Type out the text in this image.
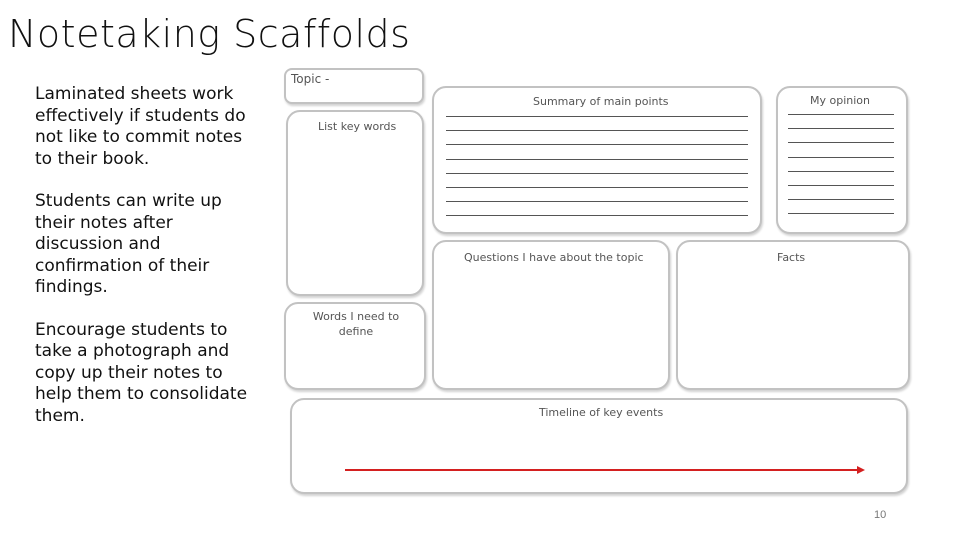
Notetaking Scaffolds

Laminated sheets work effectively if students do not like to commit notes to their book.

Students can write up their notes after discussion and confirmation of their findings.

Encourage students to take a photograph and copy up their notes to help them to consolidate them.

Topic -
List key words
Summary of main points	My opinion
Questions I have about the topic	Facts
Words I need to define
Timeline of key events
10
